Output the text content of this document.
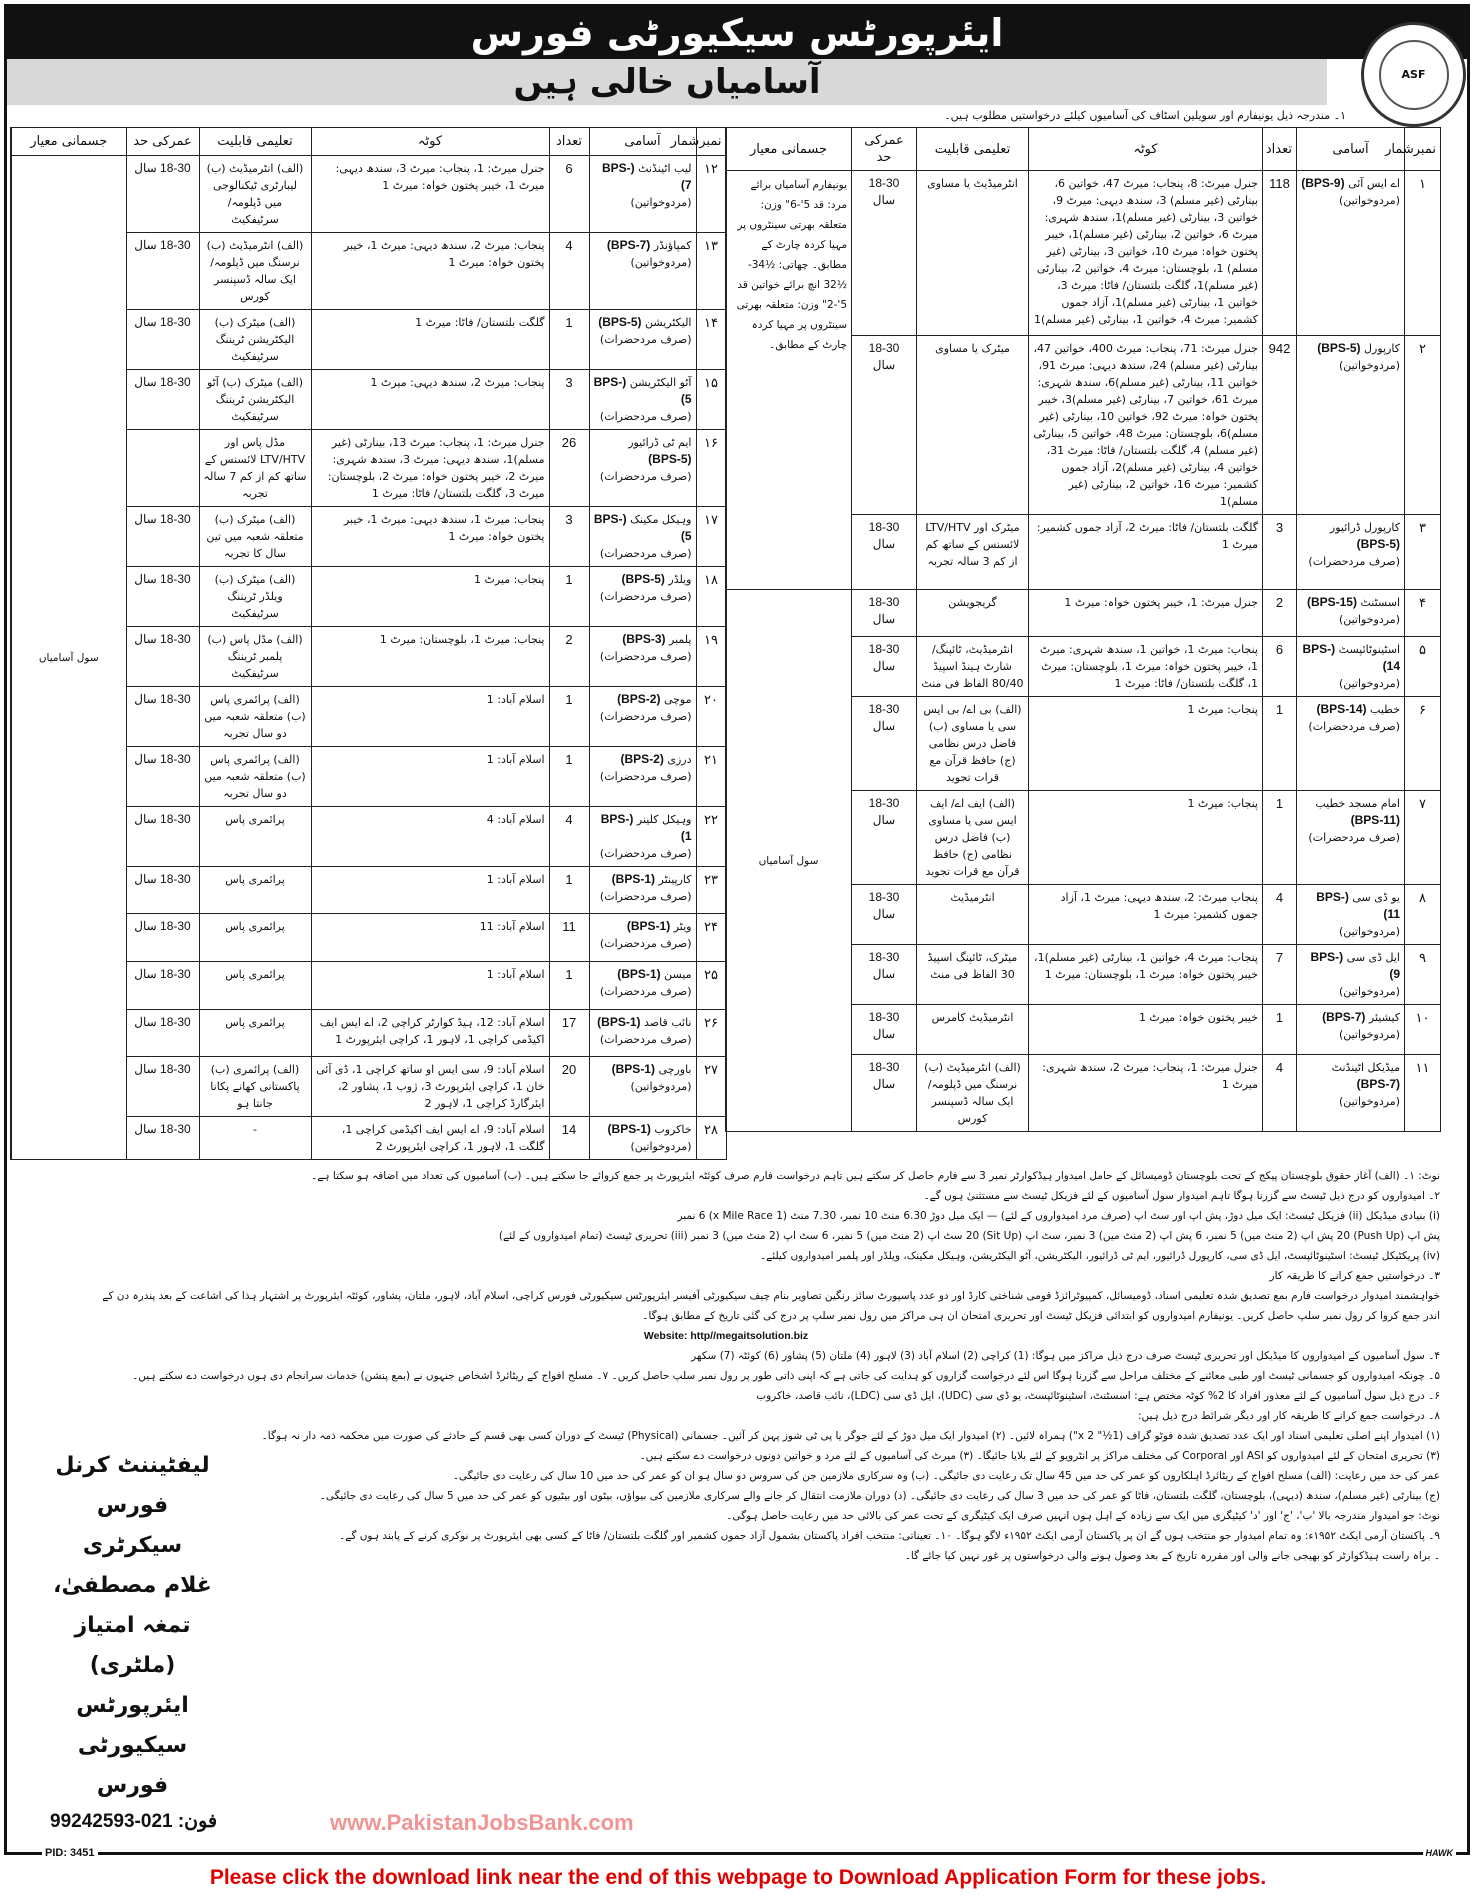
ایئرپورٹس سیکیورٹی فورس
آسامیاں خالی ہیں	ASF
۱۔ مندرجہ ذیل یونیفارم اور سویلین اسٹاف کی آسامیوں کیلئے درخواستیں مطلوب ہیں۔
نمبرشمار	آسامی	تعداد	کوٹہ	تعلیمی قابلیت	عمرکی حد	جسمانی معیار
۱	اے ایس آئی (BPS-9)
(مردوخواتین)	118	جنرل میرٹ: 8، پنجاب: میرٹ 47، خواتین 6، بینارٹی (غیر مسلم) 3، سندھ دیہی: میرٹ 9، خواتین 3، بینارٹی (غیر مسلم)1، سندھ شہری: میرٹ 6، خواتین 2، بینارٹی (غیر مسلم)1، خیبر پختون خواہ: میرٹ 10، خواتین 3، بینارٹی (غیر مسلم) 1، بلوچستان: میرٹ 4، خواتین 2، بینارٹی (غیر مسلم)1، گلگت بلتستان/ فاٹا: میرٹ 3، خواتین 1، بینارٹی (غیر مسلم)1، آزاد جموں کشمیر: میرٹ 4، خواتین 1، بینارٹی (غیر مسلم)1	انٹرمیڈیٹ یا مساوی	18-30 سال	یونیفارم آسامیاں برائے مرد: قد 5'-6" وزن: متعلقہ بھرتی سینٹروں پر مہیا کردہ چارٹ کے مطابق۔ چھاتی: ½34-½32 انچ برائے خواتین قد 5'-2" وزن: متعلقہ بھرتی سینٹروں پر مہیا کردہ چارٹ کے مطابق۔
۲	کارپورل (BPS-5)
(مردوخواتین)	942	جنرل میرٹ: 71، پنجاب: میرٹ 400، خواتین 47، بینارٹی (غیر مسلم) 24، سندھ دیہی: میرٹ 91، خواتین 11، بینارٹی (غیر مسلم)6، سندھ شہری: میرٹ 61، خواتین 7، بینارٹی (غیر مسلم)3، خیبر پختون خواہ: میرٹ 92، خواتین 10، بینارٹی (غیر مسلم)6، بلوچستان: میرٹ 48، خواتین 5، بینارٹی (غیر مسلم) 4، گلگت بلتستان/ فاٹا: میرٹ 31، خواتین 4، بینارٹی (غیر مسلم)2، آزاد جموں کشمیر: میرٹ 16، خواتین 2، بینارٹی (غیر مسلم)1	میٹرک یا مساوی	18-30 سال	
۳	کارپورل ڈرائیور (BPS-5)
(صرف مردحضرات)	3	گلگت بلتستان/ فاٹا: میرٹ 2، آزاد جموں کشمیر: میرٹ 1	میٹرک اور LTV/HTV لائسنس کے ساتھ کم از کم 3 سالہ تجربہ	18-30 سال	
۴	اسسٹنٹ (BPS-15)
(مردوخواتین)	2	جنرل میرٹ: 1، خیبر پختون خواہ: میرٹ 1	گریجویشن	18-30 سال	سول آسامیاں
۵	اسٹینوٹائپسٹ (BPS-14)
(مردوخواتین)	6	پنجاب: میرٹ 1، خواتین 1، سندھ شہری: میرٹ 1، خیبر پختون خواہ: میرٹ 1، بلوچستان: میرٹ 1، گلگت بلتستان/ فاٹا: میرٹ 1	انٹرمیڈیٹ، ٹائپنگ/ شارٹ ہینڈ اسپیڈ 80/40 الفاظ فی منٹ	18-30 سال	
۶	خطیب (BPS-14)
(صرف مردحضرات)	1	پنجاب: میرٹ 1	(الف) بی اے/ بی ایس سی یا مساوی (ب) فاضل درس نظامی (ج) حافظ قرآن مع قرات تجوید	18-30 سال	
۷	امام مسجد خطیب (BPS-11)
(صرف مردحضرات)	1	پنجاب: میرٹ 1	(الف) ایف اے/ ایف ایس سی یا مساوی (ب) فاضل درس نظامی (ج) حافظ قرآن مع قرات تجوید	18-30 سال	
۸	یو ڈی سی (BPS-11)
(مردوخواتین)	4	پنجاب میرٹ: 2، سندھ دیہی: میرٹ 1، آزاد جموں کشمیر: میرٹ 1	انٹرمیڈیٹ	18-30 سال	
۹	ایل ڈی سی (BPS-9)
(مردوخواتین)	7	پنجاب: میرٹ 4، خواتین 1، بینارٹی (غیر مسلم)1، خیبر پختون خواہ: میرٹ 1، بلوچستان: میرٹ 1	میٹرک، ٹائپنگ اسپیڈ 30 الفاظ فی منٹ	18-30 سال	
۱۰	کیشیئر (BPS-7)
(مردوخواتین)	1	خیبر پختون خواہ: میرٹ 1	انٹرمیڈیٹ کامرس	18-30 سال	
۱۱	میڈیکل اٹینڈنٹ (BPS-7)
(مردوخواتین)	4	جنرل میرٹ: 1، پنجاب: میرٹ 2، سندھ شہری: میرٹ 1	(الف) انٹرمیڈیٹ (ب) نرسنگ میں ڈپلومہ/ ایک سالہ ڈسپنسر کورس	18-30 سال	
نمبرشمار	آسامی	تعداد	کوٹہ	تعلیمی قابلیت	عمرکی حد	جسمانی معیار
۱۲	لیب اٹینڈنٹ (BPS-7)
(مردوخواتین)	6	جنرل میرٹ: 1، پنجاب: میرٹ 3، سندھ دیہی: میرٹ 1، خیبر پختون خواہ: میرٹ 1	(الف) انٹرمیڈیٹ (ب) لیبارٹری ٹیکنالوجی میں ڈپلومہ/ سرٹیفکیٹ	18-30 سال	سول آسامیاں
۱۳	کمپاؤنڈر (BPS-7)
(مردوخواتین)	4	پنجاب: میرٹ 2، سندھ دیہی: میرٹ 1، خیبر پختون خواہ: میرٹ 1	(الف) انٹرمیڈیٹ (ب) نرسنگ میں ڈپلومہ/ ایک سالہ ڈسپنسر کورس	18-30 سال	
۱۴	الیکٹریشن (BPS-5)
(صرف مردحضرات)	1	گلگت بلتستان/ فاٹا: میرٹ 1	(الف) میٹرک (ب) الیکٹریشن ٹریننگ سرٹیفکیٹ	18-30 سال	
۱۵	آٹو الیکٹریشن (BPS-5)
(صرف مردحضرات)	3	پنجاب: میرٹ 2، سندھ دیہی: میرٹ 1	(الف) میٹرک (ب) آٹو الیکٹریشن ٹریننگ سرٹیفکیٹ	18-30 سال	
۱۶	ایم ٹی ڈرائیور (BPS-5)
(صرف مردحضرات)	26	جنرل میرٹ: 1، پنجاب: میرٹ 13، بینارٹی (غیر مسلم)1، سندھ دیہی: میرٹ 3، سندھ شہری: میرٹ 2، خیبر پختون خواہ: میرٹ 2، بلوچستان: میرٹ 3، گلگت بلتستان/ فاٹا: میرٹ 1	مڈل پاس اور LTV/HTV لائسنس کے ساتھ کم از کم 7 سالہ تجربہ		
۱۷	وہیکل مکینک (BPS-5)
(صرف مردحضرات)	3	پنجاب: میرٹ 1، سندھ دیہی: میرٹ 1، خیبر پختون خواہ: میرٹ 1	(الف) میٹرک (ب) متعلقہ شعبہ میں تین سال کا تجربہ	18-30 سال	
۱۸	ویلڈر (BPS-5)
(صرف مردحضرات)	1	پنجاب: میرٹ 1	(الف) میٹرک (ب) ویلڈر ٹریننگ سرٹیفکیٹ	18-30 سال	
۱۹	پلمبر (BPS-3)
(صرف مردحضرات)	2	پنجاب: میرٹ 1، بلوچستان: میرٹ 1	(الف) مڈل پاس (ب) پلمبر ٹریننگ سرٹیفکیٹ	18-30 سال	
۲۰	موچی (BPS-2)
(صرف مردحضرات)	1	اسلام آباد: 1	(الف) پرائمری پاس (ب) متعلقہ شعبہ میں دو سال تجربہ	18-30 سال	
۲۱	درزی (BPS-2)
(صرف مردحضرات)	1	اسلام آباد: 1	(الف) پرائمری پاس (ب) متعلقہ شعبہ میں دو سال تجربہ	18-30 سال	
۲۲	وہیکل کلینر (BPS-1)
(صرف مردحضرات)	4	اسلام آباد: 4	پرائمری پاس	18-30 سال	
۲۳	کارپینٹر (BPS-1)
(صرف مردحضرات)	1	اسلام آباد: 1	پرائمری پاس	18-30 سال	
۲۴	ویٹر (BPS-1)
(صرف مردحضرات)	11	اسلام آباد: 11	پرائمری پاس	18-30 سال	
۲۵	میسن (BPS-1)
(صرف مردحضرات)	1	اسلام آباد: 1	پرائمری پاس	18-30 سال	
۲۶	نائب قاصد (BPS-1)
(صرف مردحضرات)	17	اسلام آباد: 12، ہیڈ کوارٹر کراچی 2، اے ایس ایف اکیڈمی کراچی 1، لاہور 1، کراچی ایئرپورٹ 1	پرائمری پاس	18-30 سال	
۲۷	باورچی (BPS-1)
(مردوخواتین)	20	اسلام آباد: 9، سی ایس او ساتھ کراچی 1، ڈی آئی خان 1، کراچی ایئرپورٹ 3، ژوب 1، پشاور 2، ایئرگارڈ کراچی 1، لاہور 2	(الف) پرائمری (ب) پاکستانی کھانے پکانا جانتا ہو	18-30 سال	
۲۸	خاکروب (BPS-1)
(مردوخواتین)	14	اسلام آباد: 9، اے ایس ایف اکیڈمی کراچی 1، گلگت 1، لاہور 1، کراچی ایئرپورٹ 2	-	18-30 سال	
نوٹ: ۱۔ (الف) آغاز حقوق بلوچستان پیکج کے تحت بلوچستان ڈومیسائل کے حامل امیدوار ہیڈکوارٹر نمبر 3 سے فارم حاصل کر سکتے ہیں تاہم درخواست فارم صرف کوئٹہ ایئرپورٹ پر جمع کروائے جا سکتے ہیں۔ (ب) آسامیوں کی تعداد میں اضافہ ہو سکتا ہے۔
۲۔ امیدواروں کو درج ذیل ٹیسٹ سے گزرنا ہوگا تاہم امیدوار سول آسامیوں کے لئے فزیکل ٹیسٹ سے مستثنیٰ ہوں گے۔
(i) بنیادی میڈیکل (ii) فزیکل ٹیسٹ: ایک میل دوڑ، پش اپ اور سٹ اپ (صرف مرد امیدواروں کے لئے) — ایک میل دوڑ 6.30 منٹ 10 نمبر، 7.30 منٹ (1 x Mile Race) 6 نمبر
پش اپ (Push Up) 20 پش اپ (2 منٹ میں) 5 نمبر، 6 پش اپ (2 منٹ میں) 3 نمبر، سٹ اپ (Sit Up) 20 سٹ اپ (2 منٹ میں) 5 نمبر، 6 سٹ اپ (2 منٹ میں) 3 نمبر (iii) تحریری ٹیسٹ (تمام امیدواروں کے لئے)
(iv) پریکٹیکل ٹیسٹ: اسٹینوٹائپسٹ، ایل ڈی سی، کارپورل ڈرائیور، ایم ٹی ڈرائیور، الیکٹریشن، آٹو الیکٹریشن، وہیکل مکینک، ویلڈر اور پلمبر امیدواروں کیلئے۔
۳۔ درخواستیں جمع کرانے کا طریقہ کار
خواہشمند امیدوار درخواست فارم بمع تصدیق شدہ تعلیمی اسناد، ڈومیسائل، کمپیوٹرائزڈ قومی شناختی کارڈ اور دو عدد پاسپورٹ سائز رنگین تصاویر بنام چیف سیکیورٹی آفیسر ایئرپورٹس سیکیورٹی فورس کراچی، اسلام آباد، لاہور، ملتان، پشاور، کوئٹہ ایئرپورٹ پر اشتہار ہذا کی اشاعت کے بعد پندرہ دن کے
اندر جمع کروا کر رول نمبر سلپ حاصل کریں۔ یونیفارم امیدواروں کو ابتدائی فزیکل ٹیسٹ اور تحریری امتحان ان ہی مراکز میں رول نمبر سلپ پر درج کی گئی تاریخ کے مطابق ہوگا۔
Website: http//megaitsolution.biz
۴۔ سول آسامیوں کے امیدواروں کا میڈیکل اور تحریری ٹیسٹ صرف درج ذیل مراکز میں ہوگا: (1) کراچی (2) اسلام آباد (3) لاہور (4) ملتان (5) پشاور (6) کوئٹہ (7) سکھر
۵۔ چونکہ امیدواروں کو جسمانی ٹیسٹ اور طبی معائنے کے مختلف مراحل سے گزرنا ہوگا اس لئے درخواست گزاروں کو ہدایت کی جاتی ہے کہ اپنی ذاتی طور پر رول نمبر سلپ حاصل کریں۔ ۷۔ مسلح افواج کے ریٹائرڈ اشخاص جنہوں نے (بمع پنشن) خدمات سرانجام دی ہوں درخواست دے سکتے ہیں۔
۶۔ درج ذیل سول آسامیوں کے لئے معذور افراد کا 2% کوٹہ مختص ہے: اسسٹنٹ، اسٹینوٹائپسٹ، یو ڈی سی (UDC)، ایل ڈی سی (LDC)، نائب قاصد، خاکروب
۸۔ درخواست جمع کرانے کا طریقہ کار اور دیگر شرائط درج ذیل ہیں:
(۱) امیدوار اپنے اصلی تعلیمی اسناد اور ایک عدد تصدیق شدہ فوٹو گراف (1½" x 2") ہمراہ لائیں۔ (۲) امیدوار ایک میل دوڑ کے لئے جوگر یا پی ٹی شوز پہن کر آئیں۔ جسمانی (Physical) ٹیسٹ کے دوران کسی بھی قسم کے حادثے کی صورت میں محکمہ ذمہ دار نہ ہوگا۔
(۳) تحریری امتحان کے لئے امیدواروں کو ASI اور Corporal کی مختلف مراکز پر انٹرویو کے لئے بلایا جائیگا۔ (۳) میرٹ کی آسامیوں کے لئے مرد و خواتین دونوں درخواست دے سکتے ہیں۔
عمر کی حد میں رعایت: (الف) مسلح افواج کے ریٹائرڈ اہلکاروں کو عمر کی حد میں 45 سال تک رعایت دی جائیگی۔ (ب) وہ سرکاری ملازمین جن کی سروس دو سال ہو ان کو عمر کی حد میں 10 سال کی رعایت دی جائیگی۔
(ج) بینارٹی (غیر مسلم)، سندھ (دیہی)، بلوچستان، گلگت بلتستان، فاٹا کو عمر کی حد میں 3 سال کی رعایت دی جائیگی۔ (د) دوران ملازمت انتقال کر جانے والے سرکاری ملازمین کی بیواؤں، بیٹوں اور بیٹیوں کو عمر کی حد میں 5 سال کی رعایت دی جائیگی۔
نوٹ: جو امیدوار مندرجہ بالا 'ب'، 'ج' اور 'د' کیٹیگری میں ایک سے زیادہ کے اہل ہوں انہیں صرف ایک کیٹیگری کے تحت عمر کی بالائی حد میں رعایت حاصل ہوگی۔
۹۔ پاکستان آرمی ایکٹ ۱۹۵۲ء: وہ تمام امیدوار جو منتخب ہوں گے ان پر پاکستان آرمی ایکٹ ۱۹۵۲ء لاگو ہوگا۔ ۱۰۔ تعیناتی: منتخب افراد پاکستان بشمول آزاد جموں کشمیر اور گلگت بلتستان/ فاٹا کے کسی بھی ایئرپورٹ پر نوکری کرنے کے پابند ہوں گے۔
۔ براہ راست ہیڈکوارٹر کو بھیجی جانے والی اور مقررہ تاریخ کے بعد وصول ہونے والی درخواستوں پر غور نہیں کیا جائے گا۔
لیفٹیننٹ کرنل فورس سیکرٹری
غلام مصطفیٰ، تمغہ امتیاز (ملٹری)
ایئرپورٹس سیکیورٹی فورس
فون: 021-99242593	www.PakistanJobsBank.com
PID: 3451	HAWK
Please click the download link near the end of this webpage to Download Application Form for these jobs.
